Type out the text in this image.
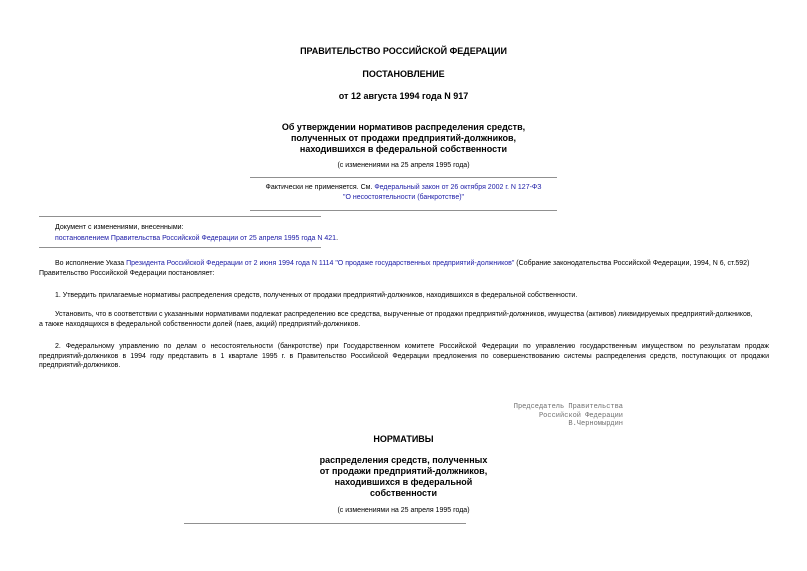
ПРАВИТЕЛЬСТВО РОССИЙСКОЙ ФЕДЕРАЦИИ
ПОСТАНОВЛЕНИЕ
от 12 августа 1994 года N 917
Об утверждении нормативов распределения средств,
полученных от продажи предприятий-должников,
находившихся в федеральной собственности
(с изменениями на 25 апреля 1995 года)
Фактически не применяется. См. Федеральный закон от 26 октября 2002 г. N 127-ФЗ
"О несостоятельности (банкротстве)"
Документ с изменениями, внесенными:
постановлением Правительства Российской Федерации от 25 апреля 1995 года N 421.
Во исполнение Указа Президента Российской Федерации от 2 июня 1994 года N 1114 "О продаже государственных предприятий-должников" (Собрание законодательства Российской Федерации, 1994, N 6, ст.592)
Правительство Российской Федерации постановляет:
1. Утвердить прилагаемые нормативы распределения средств, полученных от продажи предприятий-должников, находившихся в федеральной собственности.
Установить, что в соответствии с указанными нормативами подлежат распределению все средства, вырученные от продажи предприятий-должников, имущества (активов) ликвидируемых предприятий-должников,
а также находящихся в федеральной собственности долей (паев, акций) предприятий-должников.
2. Федеральному управлению по делам о несостоятельности (банкротстве) при Государственном комитете Российской Федерации по управлению государственным имуществом по результатам продаж
предприятий-должников в 1994 году представить в 1 квартале 1995 г. в Правительство Российской Федерации предложения по совершенствованию системы распределения средств, поступающих от продажи
предприятий-должников.
Председатель Правительства
Российской Федерации
В.Черномырдин
НОРМАТИВЫ
распределения средств, полученных
от продажи предприятий-должников,
находившихся в федеральной
собственности
(с изменениями на 25 апреля 1995 года)
